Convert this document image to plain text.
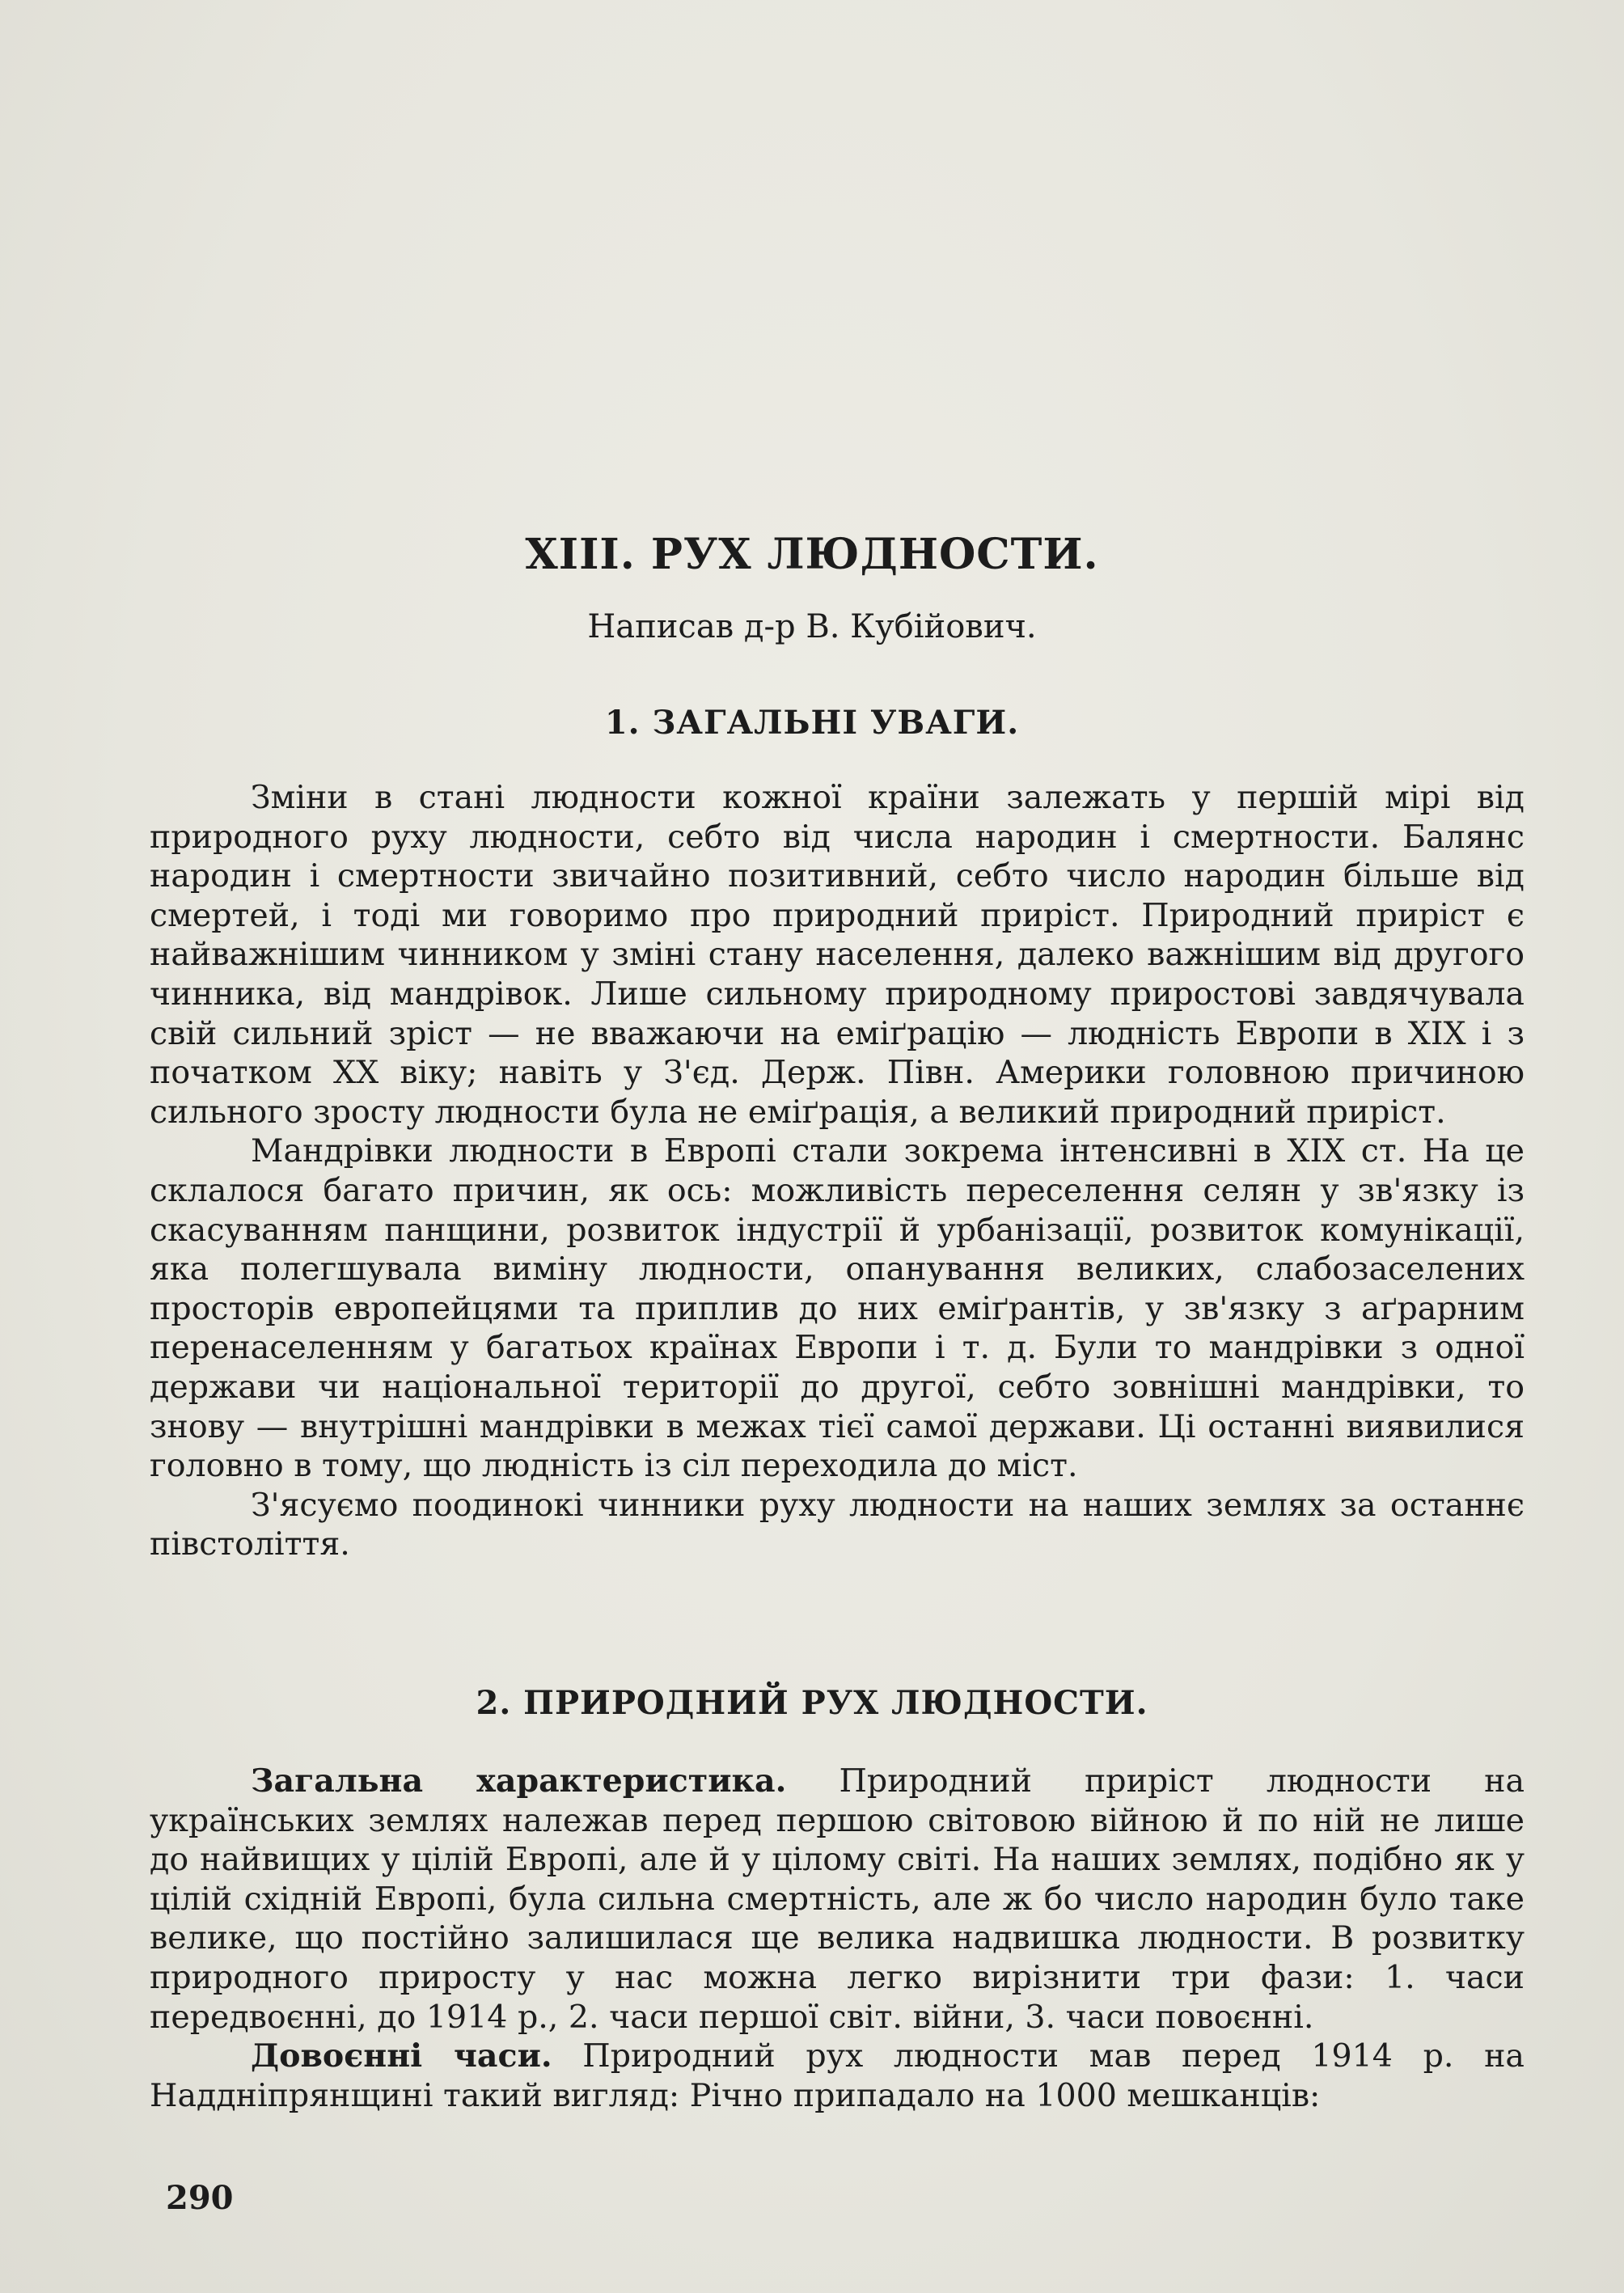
XIII. РУХ ЛЮДНОСТИ.
Написав д-р В. Кубійович.
1. ЗАГАЛЬНІ УВАГИ.

Зміни в стані людности кожної країни залежать у першій мірі від природного руху людности, себто від числа народин і смертности. Балянс народин і смертности звичайно позитивний, себто число народин більше від смертей, і тоді ми говоримо про природний приріст. Природний приріст є найважнішим чинником у зміні стану населення, далеко важнішим від другого чинника, від мандрівок. Лише сильному природному приростові завдячувала свій сильний зріст — не вважаючи на еміґрацію — людність Европи в XIX і з початком XX віку; навіть у З'єд. Держ. Півн. Америки головною причиною сильного зросту людности була не еміґрація, а великий природний приріст.

Мандрівки людности в Европі стали зокрема інтенсивні в XIX ст. На це склалося багато причин, як ось: можливість переселення селян у зв'язку із скасуванням панщини, розвиток індустрії й урбанізації, розвиток комунікації, яка полегшувала виміну людности, опанування великих, слабозаселених просторів европейцями та приплив до них еміґрантів, у зв'язку з аґрарним перенаселенням у багатьох країнах Европи і т. д. Були то мандрівки з одної держави чи національної території до другої, себто зовнішні мандрівки, то знову — внутрішні мандрівки в межах тієї самої держави. Ці останні виявилися головно в тому, що людність із сіл переходила до міст.

З'ясуємо поодинокі чинники руху людности на наших землях за останнє півстоліття.

2. ПРИРОДНИЙ РУХ ЛЮДНОСТИ.

Загальна характеристика. Природний приріст людности на українських землях належав перед першою світовою війною й по ній не лише до найвищих у цілій Европі, але й у цілому світі. На наших землях, подібно як у цілій східній Европі, була сильна смертність, але ж бо число народин було таке велике, що постійно залишилася ще велика надвишка людности. В розвитку природного приросту у нас можна легко вирізнити три фази: 1. часи передвоєнні, до 1914 р., 2. часи першої світ. війни, 3. часи повоєнні.

Довоєнні часи. Природний рух людности мав перед 1914 р. на Наддніпрянщині такий вигляд: Річно припадало на 1000 мешканців:

290
